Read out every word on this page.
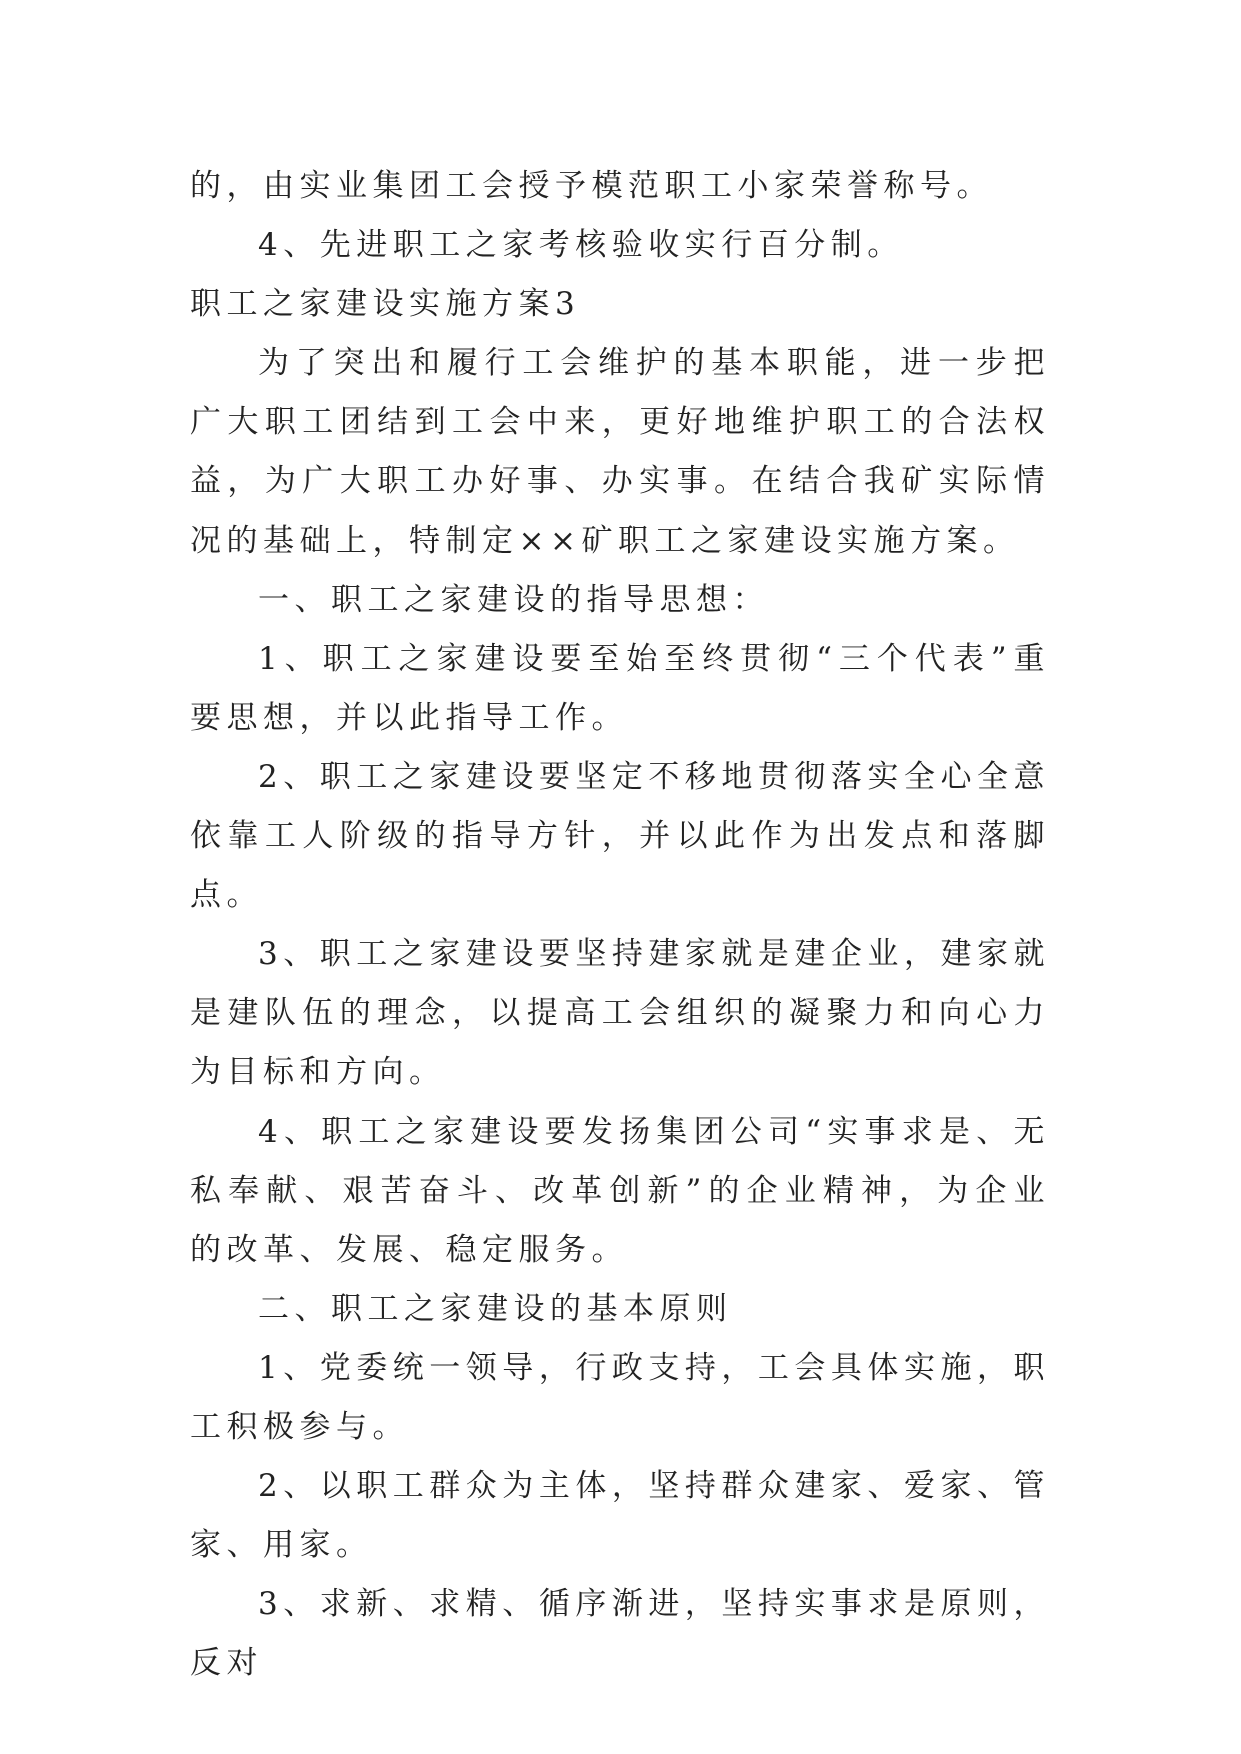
的，由实业集团工会授予模范职工小家荣誉称号。

4、先进职工之家考核验收实行百分制。

职工之家建设实施方案3

为了突出和履行工会维护的基本职能，进一步把广大职工团结到工会中来，更好地维护职工的合法权益，为广大职工办好事、办实事。在结合我矿实际情况的基础上，特制定××矿职工之家建设实施方案。

一、职工之家建设的指导思想：

1、职工之家建设要至始至终贯彻“三个代表”重要思想，并以此指导工作。

2、职工之家建设要坚定不移地贯彻落实全心全意依靠工人阶级的指导方针，并以此作为出发点和落脚点。

3、职工之家建设要坚持建家就是建企业，建家就是建队伍的理念，以提高工会组织的凝聚力和向心力为目标和方向。

4、职工之家建设要发扬集团公司“实事求是、无私奉献、艰苦奋斗、改革创新”的企业精神，为企业的改革、发展、稳定服务。

二、职工之家建设的基本原则

1、党委统一领导，行政支持，工会具体实施，职工积极参与。

2、以职工群众为主体，坚持群众建家、爱家、管家、用家。

3、求新、求精、循序渐进，坚持实事求是原则，反对
